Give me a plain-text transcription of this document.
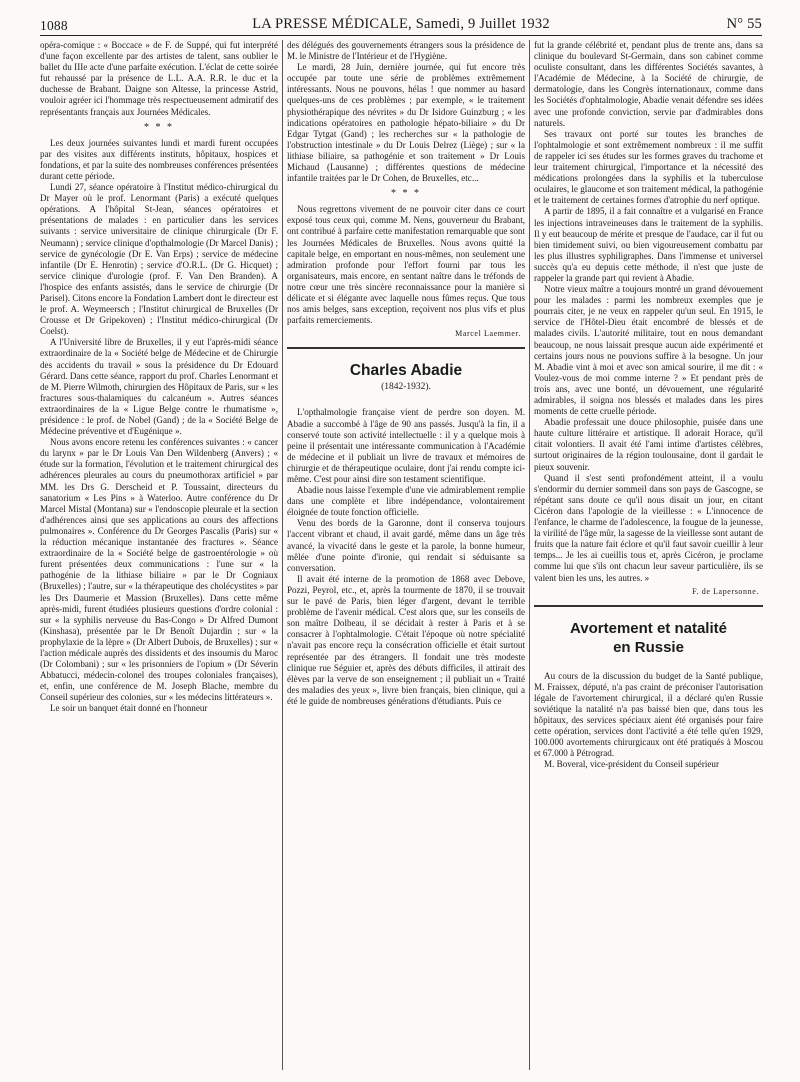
1088	LA PRESSE MÉDICALE, Samedi, 9 Juillet 1932	N° 55

opéra-comique : « Boccace » de F. de Suppé, qui fut interprété d'une façon excellente par des artistes de talent, sans oublier le ballet du IIIe acte d'une parfaite exécution. L'éclat de cette soirée fut rehaussé par la présence de L.L. A.A. R.R. le duc et la duchesse de Brabant. Daigne son Altesse, la princesse Astrid, vouloir agréer ici l'hommage très respectueusement admiratif des représentants français aux Journées Médicales.

* * *

Les deux journées suivantes lundi et mardi furent occupées par des visites aux différents instituts, hôpitaux, hospices et fondations, et par la suite des nombreuses conférences présentées durant cette période.

Lundi 27, séance opératoire à l'Institut médico-chirurgical du Dr Mayer où le prof. Lenormant (Paris) a exécuté quelques opérations. A l'hôpital St-Jean, séances opératoires et présentations de malades : en particulier dans les services suivants : service universitaire de clinique chirurgicale (Dr F. Neumann) ; service clinique d'opthalmologie (Dr Marcel Danis) ; service de gynécologie (Dr E. Van Erps) ; service de médecine infantile (Dr E. Henrotin) ; service d'O.R.L. (Dr G. Hicquet) ; service clinique d'urologie (prof. F. Van Den Branden). A l'hospice des enfants assistés, dans le service de chirurgie (Dr Parisel). Citons encore la Fondation Lambert dont le directeur est le prof. A. Weymeersch ; l'Institut chirurgical de Bruxelles (Dr Crousse et Dr Gripekoven) ; l'Institut médico-chirurgical (Dr Coelst).

A l'Université libre de Bruxelles, il y eut l'après-midi séance extraordinaire de la « Société belge de Médecine et de Chirurgie des accidents du travail » sous la présidence du Dr Edouard Gérard. Dans cette séance, rapport du prof. Charles Lenormant et de M. Pierre Wilmoth, chirurgien des Hôpitaux de Paris, sur « les fractures sous-thalamiques du calcanéum ». Autres séances extraordinaires de la « Ligue Belge contre le rhumatisme », présidence : le prof. de Nobel (Gand) ; de la « Société Belge de Médecine préventive et d'Eugénique ».

Nous avons encore retenu les conférences suivantes : « cancer du larynx » par le Dr Louis Van Den Wildenberg (Anvers) ; « étude sur la formation, l'évolution et le traitement chirurgical des adhérences pleurales au cours du pneumothorax artificiel » par MM. les Drs G. Derscheid et P. Toussaint, directeurs du sanatorium « Les Pins » à Waterloo. Autre conférence du Dr Marcel Mistal (Montana) sur « l'endoscopie pleurale et la section d'adhérences ainsi que ses applications au cours des affections pulmonaires ». Conférence du Dr Georges Pascalis (Paris) sur « la réduction mécanique instantanée des fractures ». Séance extraordinaire de la « Société belge de gastroentérologie » où furent présentées deux communications : l'une sur « la pathogénie de la lithiase biliaire » par le Dr Cogniaux (Bruxelles) ; l'autre, sur « la thérapeutique des cholécystites » par les Drs Daumerie et Massion (Bruxelles). Dans cette même après-midi, furent étudiées plusieurs questions d'ordre colonial : sur « la syphilis nerveuse du Bas-Congo » Dr Alfred Dumont (Kinshasa), présentée par le Dr Benoît Dujardin ; sur « la prophylaxie de la lèpre » (Dr Albert Dubois, de Bruxelles) ; sur « l'action médicale auprès des dissidents et des insoumis du Maroc (Dr Colombani) ; sur « les prisonniers de l'opium » (Dr Séverin Abbatucci, médecin-colonel des troupes coloniales françaises), et, enfin, une conférence de M. Joseph Blache, membre du Conseil supérieur des colonies, sur « les médecins littérateurs ».

Le soir un banquet était donné en l'honneur

des délégués des gouvernements étrangers sous la présidence de M. le Ministre de l'Intérieur et de l'Hygiène.

Le mardi, 28 Juin, dernière journée, qui fut encore très occupée par toute une série de problèmes extrêmement intéressants. Nous ne pouvons, hélas ! que nommer au hasard quelques-uns de ces problèmes ; par exemple, « le traitement physiothérapique des névrites » du Dr Isidore Guinzburg ; « les indications opératoires en pathologie hépato-biliaire » du Dr Edgar Tytgat (Gand) ; les recherches sur « la pathologie de l'obstruction intestinale » du Dr Louis Delrez (Liège) ; sur « la lithiase biliaire, sa pathogénie et son traitement » Dr Louis Michaud (Lausanne) ; différentes questions de médecine infantile traitées par le Dr Cohen, de Bruxelles, etc...

* * *

Nous regrettons vivement de ne pouvoir citer dans ce court exposé tous ceux qui, comme M. Nens, gouverneur du Brabant, ont contribué à parfaire cette manifestation remarquable que sont les Journées Médicales de Bruxelles. Nous avons quitté la capitale belge, en emportant en nous-mêmes, non seulement une admiration profonde pour l'effort fourni par tous les organisateurs, mais encore, en sentant naître dans le tréfonds de notre cœur une très sincère reconnaissance pour la manière si délicate et si élégante avec laquelle nous fûmes reçus. Que tous nos amis belges, sans exception, reçoivent nos plus vifs et plus parfaits remerciements.

Marcel Laemmer.
Charles Abadie
(1842-1932).

L'opthalmologie française vient de perdre son doyen. M. Abadie a succombé à l'âge de 90 ans passés. Jusqu'à la fin, il a conservé toute son activité intellectuelle : il y a quelque mois à peine il présentait une intéressante communication à l'Académie de médecine et il publiait un livre de travaux et mémoires de chirurgie et de thérapeutique oculaire, dont j'ai rendu compte ici-même. C'est pour ainsi dire son testament scientifique.

Abadie nous laisse l'exemple d'une vie admirablement remplie dans une complète et libre indépendance, volontairement éloignée de toute fonction officielle.

Venu des bords de la Garonne, dont il conserva toujours l'accent vibrant et chaud, il avait gardé, même dans un âge très avancé, la vivacité dans le geste et la parole, la bonne humeur, mêlée d'une pointe d'ironie, qui rendait si séduisante sa conversation.

Il avait été interne de la promotion de 1868 avec Debove, Pozzi, Peyrol, etc., et, après la tourmente de 1870, il se trouvait sur le pavé de Paris, bien léger d'argent, devant le terrible problème de l'avenir médical. C'est alors que, sur les conseils de son maître Dolbeau, il se décidait à rester à Paris et à se consacrer à l'ophtalmologie. C'était l'époque où notre spécialité n'avait pas encore reçu la consécration officielle et était surtout représentée par des étrangers. Il fondait une très modeste clinique rue Séguier et, après des débuts difficiles, il attirait des élèves par la verve de son enseignement ; il publiait un « Traité des maladies des yeux », livre bien français, bien clinique, qui a été le guide de nombreuses générations d'étudiants. Puis ce

fut la grande célébrité et, pendant plus de trente ans, dans sa clinique du boulevard St-Germain, dans son cabinet comme oculiste consultant, dans les différentes Sociétés savantes, à l'Académie de Médecine, à la Société de chirurgie, de dermatologie, dans les Congrès internationaux, comme dans les Sociétés d'ophtalmologie, Abadie venait défendre ses idées avec une profonde conviction, servie par d'admirables dons naturels.

Ses travaux ont porté sur toutes les branches de l'ophtalmologie et sont extrêmement nombreux : il me suffit de rappeler ici ses études sur les formes graves du trachome et leur traitement chirurgical, l'importance et la nécessité des médications prolongées dans la syphilis et la tuberculose oculaires, le glaucome et son traitement médical, la pathogénie et le traitement de certaines formes d'atrophie du nerf optique.

A partir de 1895, il a fait connaître et a vulgarisé en France les injections intraveineuses dans le traitement de la syphilis. Il y eut beaucoup de mérite et presque de l'audace, car il fut ou bien timidement suivi, ou bien vigoureusement combattu par les plus illustres syphiligraphes. Dans l'immense et universel succès qu'a eu depuis cette méthode, il n'est que juste de rappeler la grande part qui revient à Abadie.

Notre vieux maître a toujours montré un grand dévouement pour les malades : parmi les nombreux exemples que je pourrais citer, je ne veux en rappeler qu'un seul. En 1915, le service de l'Hôtel-Dieu était encombré de blessés et de malades civils. L'autorité militaire, tout en nous demandant beaucoup, ne nous laissait presque aucun aide expérimenté et certains jours nous ne pouvions suffire à la besogne. Un jour M. Abadie vint à moi et avec son amical sourire, il me dit : « Voulez-vous de moi comme interne ? » Et pendant près de trois ans, avec une bonté, un dévouement, une régularité admirables, il soigna nos blessés et malades dans les pires moments de cette cruelle période.

Abadie professait une douce philosophie, puisée dans une haute culture littéraire et artistique. Il adorait Horace, qu'il citait volontiers. Il avait été l'ami intime d'artistes célèbres, surtout originaires de la région toulousaine, dont il gardait le pieux souvenir.

Quand il s'est senti profondément atteint, il a voulu s'endormir du dernier sommeil dans son pays de Gascogne, se répétant sans doute ce qu'il nous disait un jour, en citant Cicéron dans l'apologie de la vieillesse : « L'innocence de l'enfance, le charme de l'adolescence, la fougue de la jeunesse, la virilité de l'âge mûr, la sagesse de la vieillesse sont autant de fruits que la nature fait éclore et qu'il faut savoir cueillir à leur temps... Je les ai cueillis tous et, après Cicéron, je proclame comme lui que s'ils ont chacun leur saveur particulière, ils se valent bien les uns, les autres. »

F. de Lapersonne.
Avortement et natalité
en Russie

Au cours de la discussion du budget de la Santé publique, M. Fraissex, député, n'a pas craint de préconiser l'autorisation légale de l'avortement chirurgical, il a déclaré qu'en Russie soviétique la natalité n'a pas baissé bien que, dans tous les hôpitaux, des services spéciaux aient été organisés pour faire cette opération, services dont l'activité a été telle qu'en 1929, 100.000 avortements chirurgicaux ont été pratiqués à Moscou et 67.000 à Pétrograd.

M. Boveral, vice-président du Conseil supérieur
